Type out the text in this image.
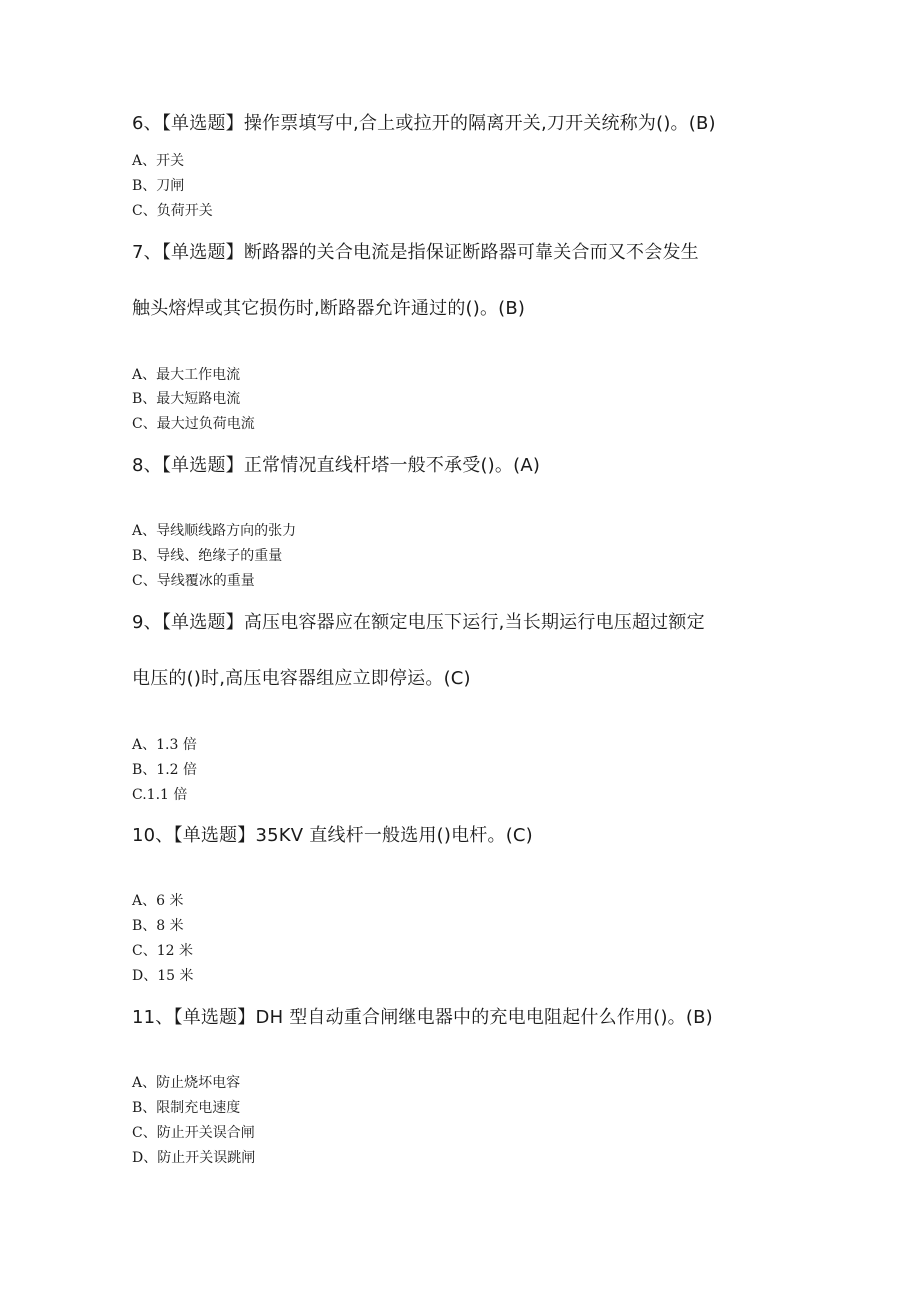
6、【单选题】操作票填写中,合上或拉开的隔离开关,刀开关统称为()。(B)
A、开关
B、刀闸
C、负荷开关
7、【单选题】断路器的关合电流是指保证断路器可靠关合而又不会发生
触头熔焊或其它损伤时,断路器允许通过的()。(B)
A、最大工作电流
B、最大短路电流
C、最大过负荷电流
8、【单选题】正常情况直线杆塔一般不承受()。(A)
A、导线顺线路方向的张力
B、导线、绝缘子的重量
C、导线覆冰的重量
9、【单选题】高压电容器应在额定电压下运行,当长期运行电压超过额定
电压的()时,高压电容器组应立即停运。(C)
A、1.3 倍
B、1.2 倍
C.1.1 倍
10、【单选题】35KV 直线杆一般选用()电杆。(C)
A、6 米
B、8 米
C、12 米
D、15 米
11、【单选题】DH 型自动重合闸继电器中的充电电阻起什么作用()。(B)
A、防止烧坏电容
B、限制充电速度
C、防止开关误合闸
D、防止开关误跳闸
